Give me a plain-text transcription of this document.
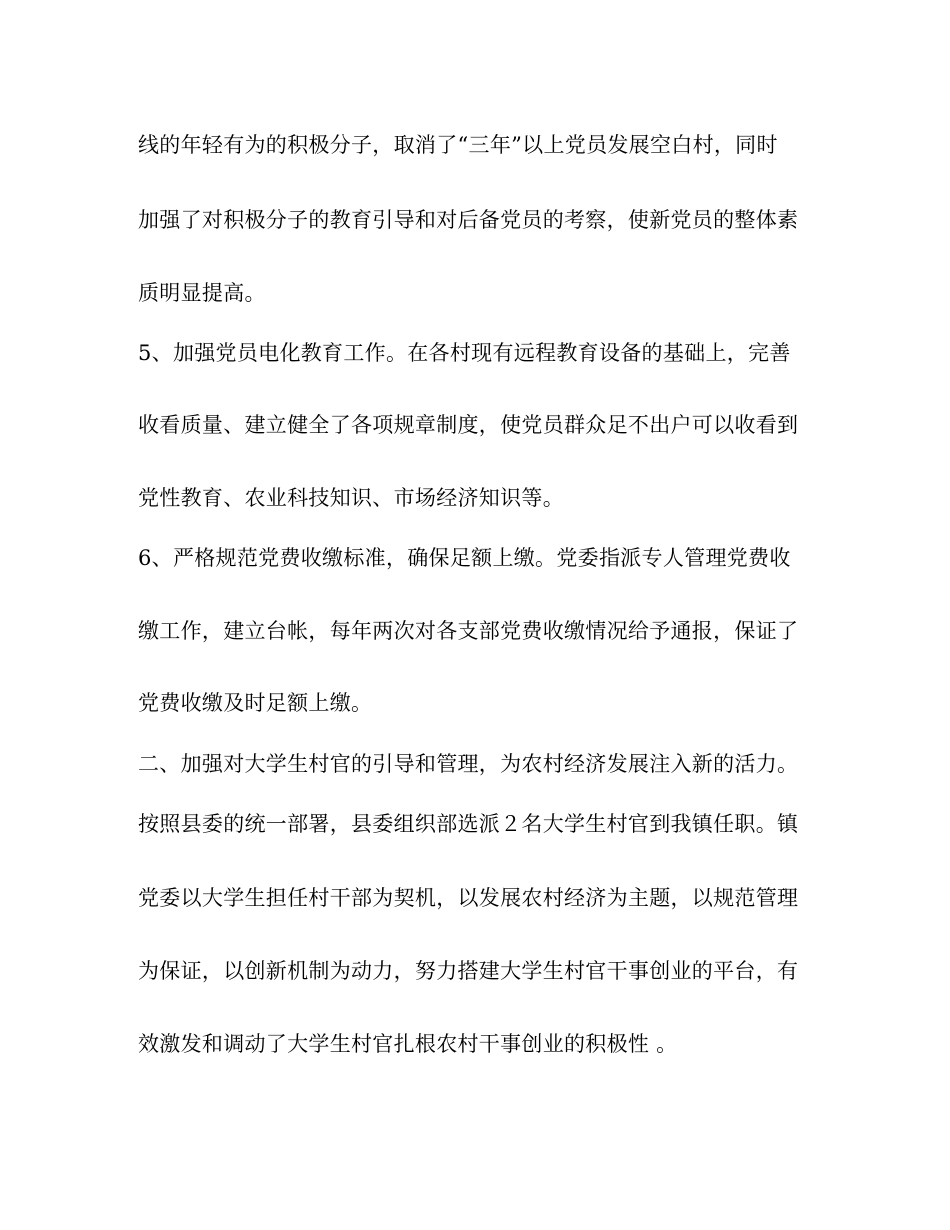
线的年轻有为的积极分子，取消了“三年”以上党员发展空白村，同时
加强了对积极分子的教育引导和对后备党员的考察，使新党员的整体素
质明显提高。
5、加强党员电化教育工作。在各村现有远程教育设备的基础上，完善
收看质量、建立健全了各项规章制度，使党员群众足不出户可以收看到
党性教育、农业科技知识、市场经济知识等。
6、严格规范党费收缴标准，确保足额上缴。党委指派专人管理党费收
缴工作，建立台帐，每年两次对各支部党费收缴情况给予通报，保证了
党费收缴及时足额上缴。
二、加强对大学生村官的引导和管理，为农村经济发展注入新的活力。
按照县委的统一部署，县委组织部选派２名大学生村官到我镇任职。镇
党委以大学生担任村干部为契机，以发展农村经济为主题，以规范管理
为保证，以创新机制为动力，努力搭建大学生村官干事创业的平台，有
效激发和调动了大学生村官扎根农村干事创业的积极性 。
